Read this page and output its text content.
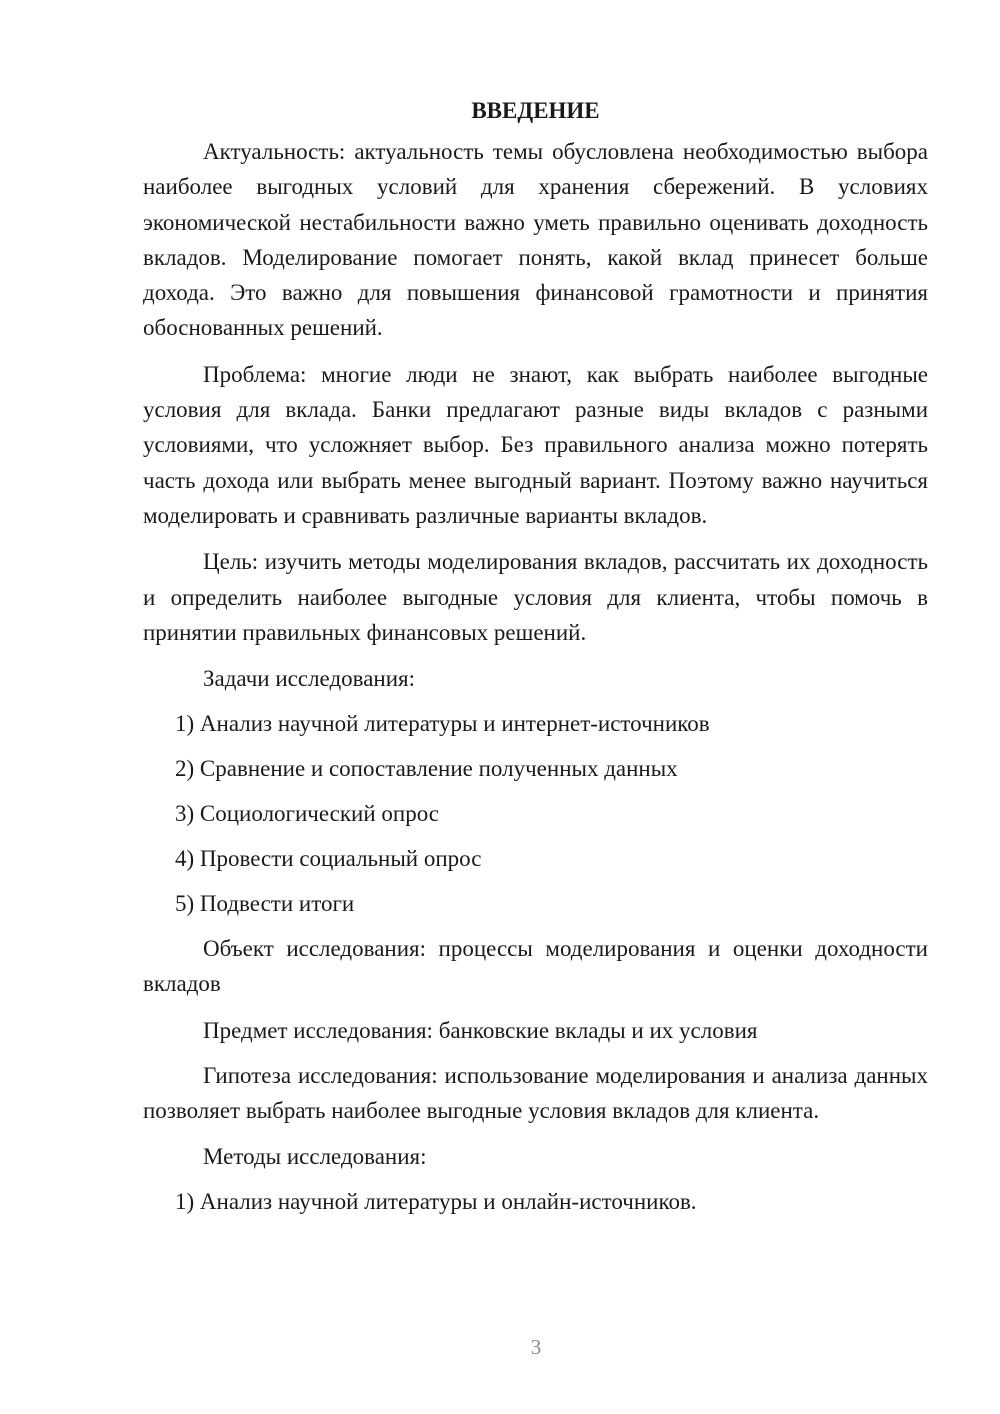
ВВЕДЕНИЕ

Актуальность: актуальность темы обусловлена необходимостью выбора наиболее выгодных условий для хранения сбережений. В условиях экономической нестабильности важно уметь правильно оценивать доходность вкладов. Моделирование помогает понять, какой вклад принесет больше дохода. Это важно для повышения финансовой грамотности и принятия обоснованных решений.

Проблема: многие люди не знают, как выбрать наиболее выгодные условия для вклада. Банки предлагают разные виды вкладов с разными условиями, что усложняет выбор. Без правильного анализа можно потерять часть дохода или выбрать менее выгодный вариант. Поэтому важно научиться моделировать и сравнивать различные варианты вкладов.

Цель: изучить методы моделирования вкладов, рассчитать их доходность и определить наиболее выгодные условия для клиента, чтобы помочь в принятии правильных финансовых решений.

Задачи исследования:

1) Анализ научной литературы и интернет-источников

2) Сравнение и сопоставление полученных данных

3) Социологический опрос

4) Провести социальный опрос

5) Подвести итоги

Объект исследования: процессы моделирования и оценки доходности вкладов

Предмет исследования: банковские вклады и их условия

Гипотеза исследования: использование моделирования и анализа данных позволяет выбрать наиболее выгодные условия вкладов для клиента.

Методы исследования:

1) Анализ научной литературы и онлайн-источников.

3
